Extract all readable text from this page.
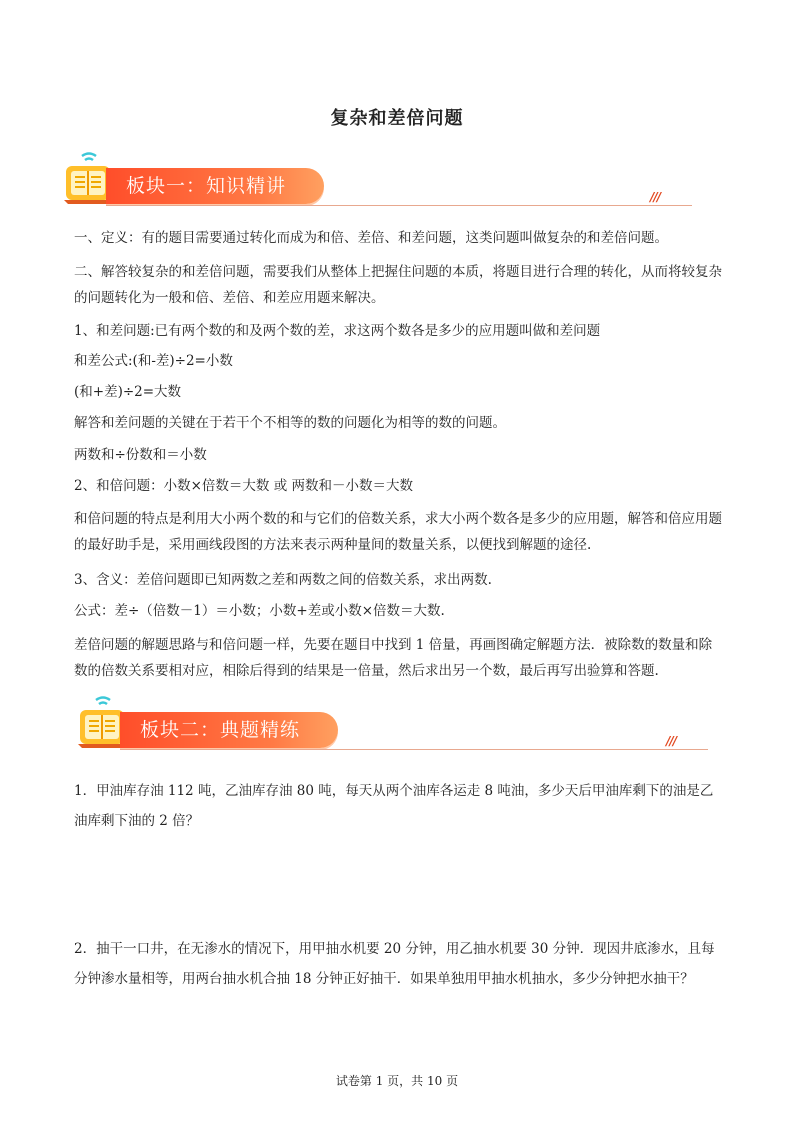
复杂和差倍问题
板块一：知识精讲	///

一、定义：有的题目需要通过转化而成为和倍、差倍、和差问题，这类问题叫做复杂的和差倍问题。

二、解答较复杂的和差倍问题，需要我们从整体上把握住问题的本质，将题目进行合理的转化，从而将较复杂的问题转化为一般和倍、差倍、和差应用题来解决。

1、和差问题:已有两个数的和及两个数的差，求这两个数各是多少的应用题叫做和差问题

和差公式:(和-差)÷2=小数

(和+差)÷2=大数

解答和差问题的关键在于若干个不相等的数的问题化为相等的数的问题。

两数和÷份数和＝小数

2、和倍问题：小数×倍数＝大数 或 两数和－小数＝大数

和倍问题的特点是利用大小两个数的和与它们的倍数关系，求大小两个数各是多少的应用题，解答和倍应用题的最好助手是，采用画线段图的方法来表示两种量间的数量关系，以便找到解题的途径.

3、含义：差倍问题即已知两数之差和两数之间的倍数关系，求出两数.

公式：差÷（倍数－1）＝小数；小数+差或小数×倍数＝大数.

差倍问题的解题思路与和倍问题一样，先要在题目中找到 1 倍量，再画图确定解题方法．被除数的数量和除数的倍数关系要相对应，相除后得到的结果是一倍量，然后求出另一个数，最后再写出验算和答题.

板块二：典题精练	///

1．甲油库存油 112 吨，乙油库存油 80 吨，每天从两个油库各运走 8 吨油，多少天后甲油库剩下的油是乙油库剩下油的 2 倍？

2．抽干一口井，在无渗水的情况下，用甲抽水机要 20 分钟，用乙抽水机要 30 分钟．现因井底渗水，且每分钟渗水量相等，用两台抽水机合抽 18 分钟正好抽干．如果单独用甲抽水机抽水，多少分钟把水抽干？

试卷第 1 页，共 10 页
